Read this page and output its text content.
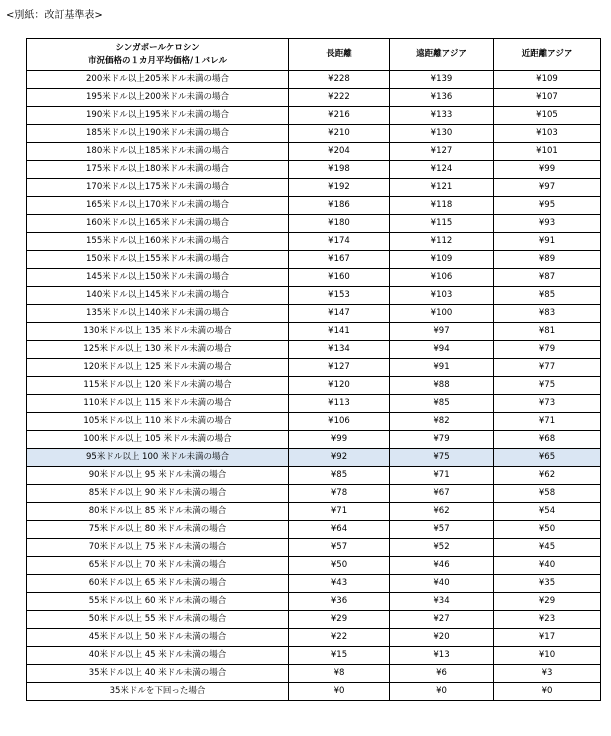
<別紙：改訂基準表>
シンガポールケロシン
市況価格の１カ月平均価格/１バレル	長距離	遠距離アジア	近距離アジア
200米ドル以上205米ドル未満の場合	¥228	¥139	¥109
195米ドル以上200米ドル未満の場合	¥222	¥136	¥107
190米ドル以上195米ドル未満の場合	¥216	¥133	¥105
185米ドル以上190米ドル未満の場合	¥210	¥130	¥103
180米ドル以上185米ドル未満の場合	¥204	¥127	¥101
175米ドル以上180米ドル未満の場合	¥198	¥124	¥99
170米ドル以上175米ドル未満の場合	¥192	¥121	¥97
165米ドル以上170米ドル未満の場合	¥186	¥118	¥95
160米ドル以上165米ドル未満の場合	¥180	¥115	¥93
155米ドル以上160米ドル未満の場合	¥174	¥112	¥91
150米ドル以上155米ドル未満の場合	¥167	¥109	¥89
145米ドル以上150米ドル未満の場合	¥160	¥106	¥87
140米ドル以上145米ドル未満の場合	¥153	¥103	¥85
135米ドル以上140米ドル未満の場合	¥147	¥100	¥83
130米ドル以上 135 米ドル未満の場合	¥141	¥97	¥81
125米ドル以上 130 米ドル未満の場合	¥134	¥94	¥79
120米ドル以上 125 米ドル未満の場合	¥127	¥91	¥77
115米ドル以上 120 米ドル未満の場合	¥120	¥88	¥75
110米ドル以上 115 米ドル未満の場合	¥113	¥85	¥73
105米ドル以上 110 米ドル未満の場合	¥106	¥82	¥71
100米ドル以上 105 米ドル未満の場合	¥99	¥79	¥68
95米ドル以上 100 米ドル未満の場合	¥92	¥75	¥65
90米ドル以上 95 米ドル未満の場合	¥85	¥71	¥62
85米ドル以上 90 米ドル未満の場合	¥78	¥67	¥58
80米ドル以上 85 米ドル未満の場合	¥71	¥62	¥54
75米ドル以上 80 米ドル未満の場合	¥64	¥57	¥50
70米ドル以上 75 米ドル未満の場合	¥57	¥52	¥45
65米ドル以上 70 米ドル未満の場合	¥50	¥46	¥40
60米ドル以上 65 米ドル未満の場合	¥43	¥40	¥35
55米ドル以上 60 米ドル未満の場合	¥36	¥34	¥29
50米ドル以上 55 米ドル未満の場合	¥29	¥27	¥23
45米ドル以上 50 米ドル未満の場合	¥22	¥20	¥17
40米ドル以上 45 米ドル未満の場合	¥15	¥13	¥10
35米ドル以上 40 米ドル未満の場合	¥8	¥6	¥3
35米ドルを下回った場合	¥0	¥0	¥0
